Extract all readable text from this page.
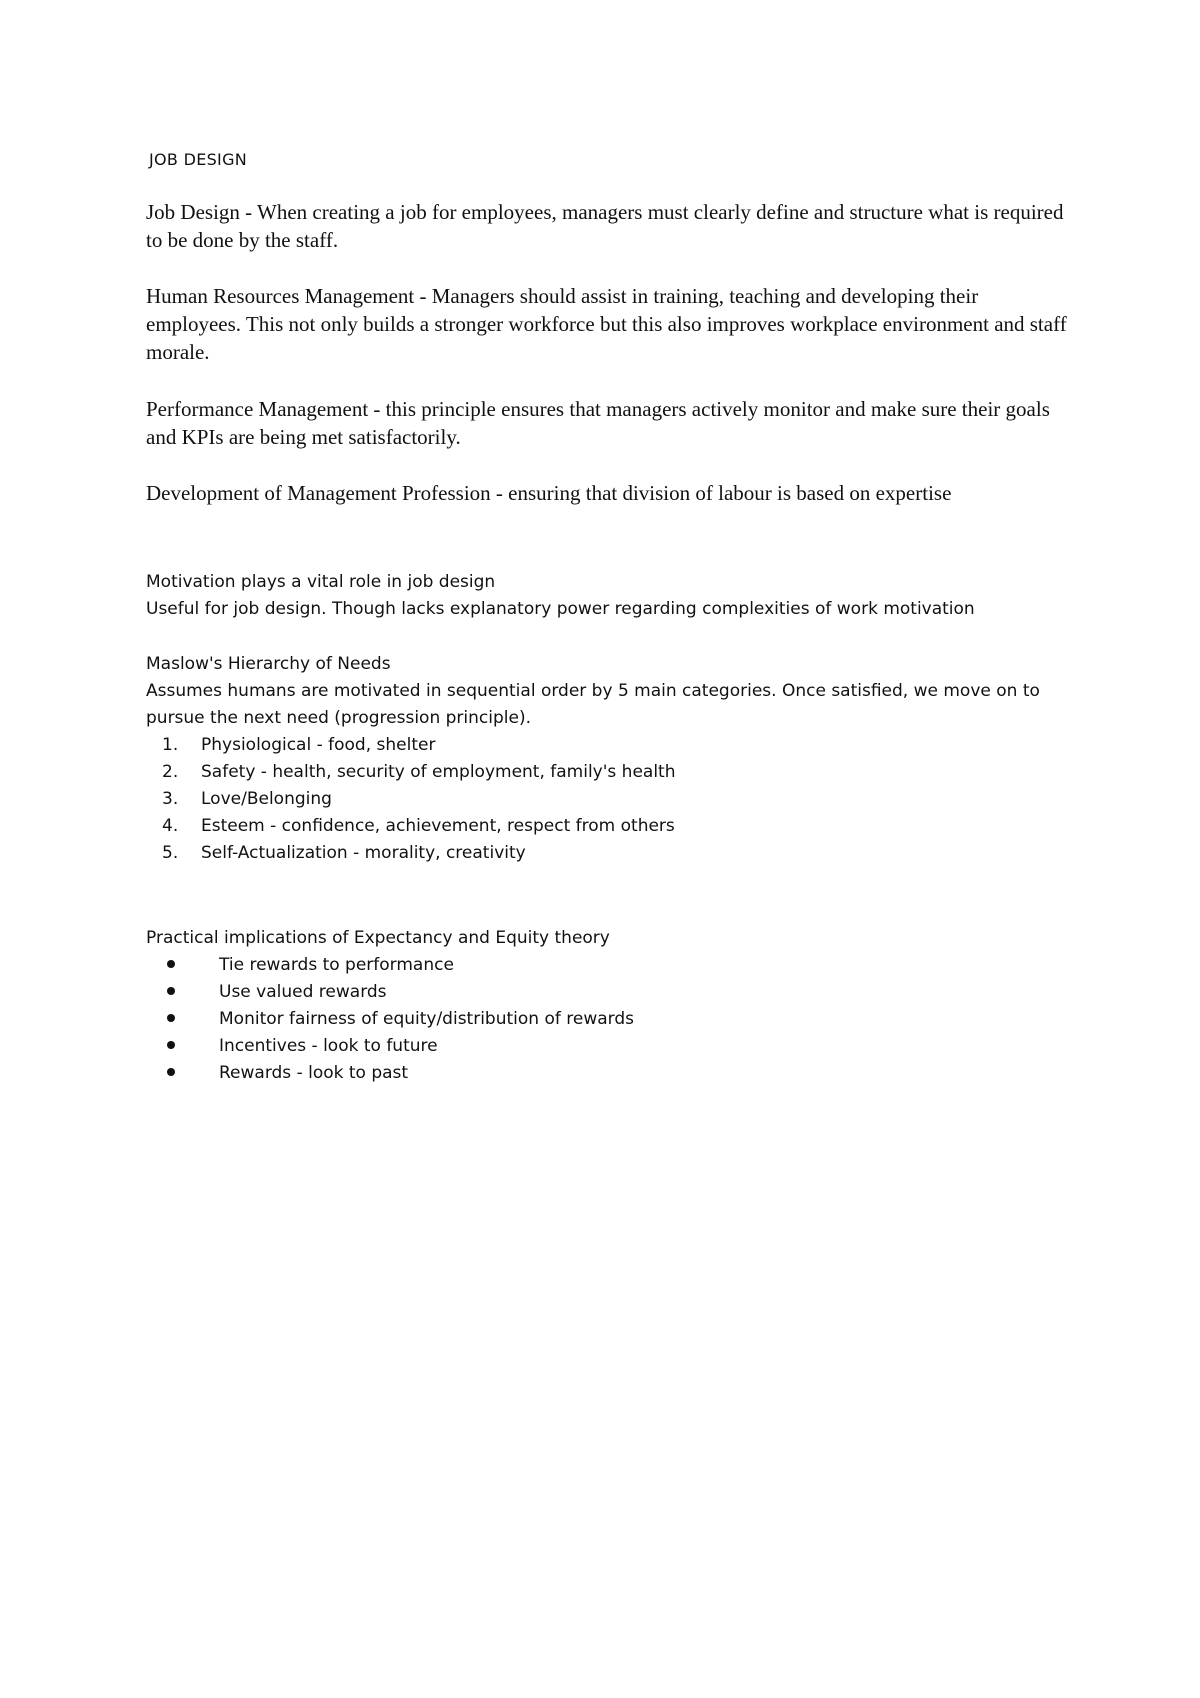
JOB DESIGN

Job Design - When creating a job for employees, managers must clearly define and structure what is required to be done by the staff.

Human Resources Management - Managers should assist in training, teaching and developing their employees. This not only builds a stronger workforce but this also improves workplace environment and staff morale.

Performance Management - this principle ensures that managers actively monitor and make sure their goals and KPIs are being met satisfactorily.

Development of Management Profession - ensuring that division of labour is based on expertise

Motivation plays a vital role in job design

Useful for job design. Though lacks explanatory power regarding complexities of work motivation

Maslow's Hierarchy of Needs

Assumes humans are motivated in sequential order by 5 main categories. Once satisfied, we move on to pursue the next need (progression principle).

1. Physiological - food, shelter
2. Safety - health, security of employment, family's health
3. Love/Belonging
4. Esteem - confidence, achievement, respect from others
5. Self-Actualization - morality, creativity

Practical implications of Expectancy and Equity theory

Tie rewards to performance
Use valued rewards
Monitor fairness of equity/distribution of rewards
Incentives - look to future
Rewards - look to past
